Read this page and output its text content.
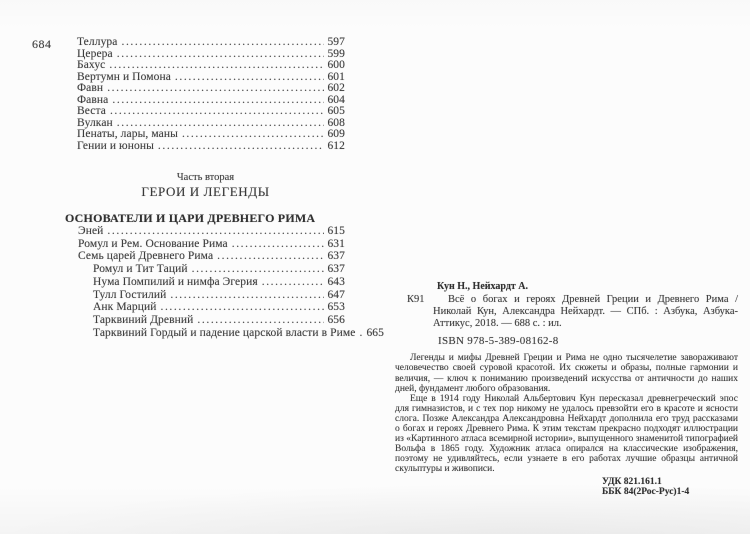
684 Теллура .....	597
Церера .....	599
Бахус .....	600
Вертумн и Помона .....	601
Фавн .....	602
Фавна .....	604
Веста .....	605
Вулкан .....	608
Пенаты, лары, маны .....	609
Гении и юноны .....	612
Часть вторая
ГЕРОИ И ЛЕГЕНДЫ
ОСНОВАТЕЛИ И ЦАРИ ДРЕВНЕГО РИМА
Эней .....	615
Ромул и Рем. Основание Рима .....	631
Семь царей Древнего Рима .....	637
Ромул и Тит Таций .....	637
Нума Помпилий и нимфа Эгерия .....	643
Тулл Гостилий .....	647
Анк Марций .....	653
Тарквиний Древний .....	656
Тарквиний Гордый и падение царской власти в Риме ..... 665
Кун Н., Нейхардт А.
К91	Всё о богах и героях Древней Греции и Древнего Рима / Николай Кун, Александра Нейхардт. — СПб. : Азбука, Азбука-Аттикус, 2018. — 688 с. : ил.
ISBN 978-5-389-08162-8

Легенды и мифы Древней Греции и Рима не одно тысячелетие завораживают человечество своей суровой красотой. Их сюжеты и образы, полные гармонии и величия, — ключ к пониманию произведений искусства от античности до наших дней, фундамент любого образования.

Еще в 1914 году Николай Альбертович Кун пересказал древнегреческий эпос для гимназистов, и с тех пор никому не удалось превзойти его в красоте и ясности слога. Позже Александра Александровна Нейхардт дополнила его труд рассказами о богах и героях Древнего Рима. К этим текстам прекрасно подходят иллюстрации из «Картинного атласа всемирной истории», выпущенного знаменитой типографией Вольфа в 1865 году. Художник атласа опирался на классические изображения, поэтому не удивляйтесь, если узнаете в его работах лучшие образцы античной скульптуры и живописи.

УДК 821.161.1
ББК 84(2Рос-Рус)1-4
